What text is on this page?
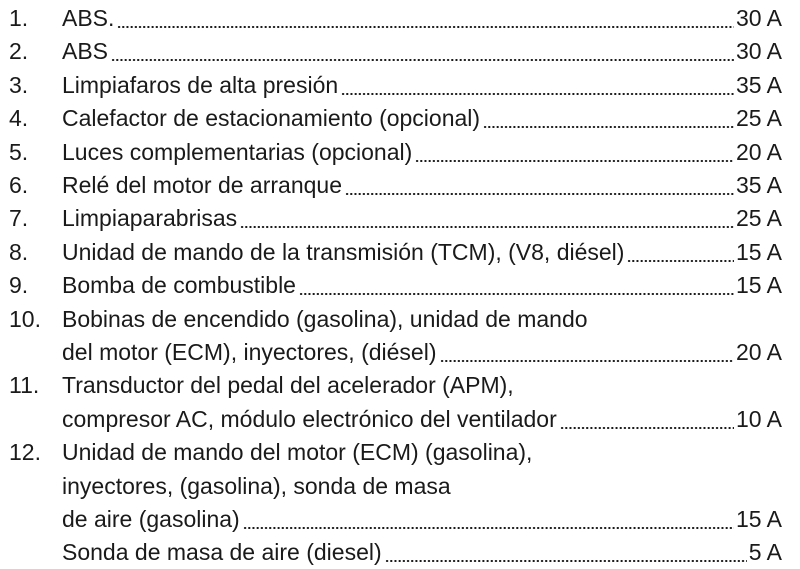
1. ABS.	30 A
2. ABS	30 A
3. Limpiafaros de alta presión	35 A
4. Calefactor de estacionamiento (opcional)	25 A
5. Luces complementarias (opcional)	20 A
6. Relé del motor de arranque	35 A
7. Limpiaparabrisas	25 A
8. Unidad de mando de la transmisión (TCM), (V8, diésel)	15 A
9. Bomba de combustible	15 A
10. Bobinas de encendido (gasolina), unidad de mando
del motor (ECM), inyectores, (diésel)	20 A
11. Transductor del pedal del acelerador (APM),
compresor AC, módulo electrónico del ventilador	10 A
12. Unidad de mando del motor (ECM) (gasolina),
inyectores, (gasolina), sonda de masa
de aire (gasolina)	15 A
Sonda de masa de aire (diesel)	5 A
